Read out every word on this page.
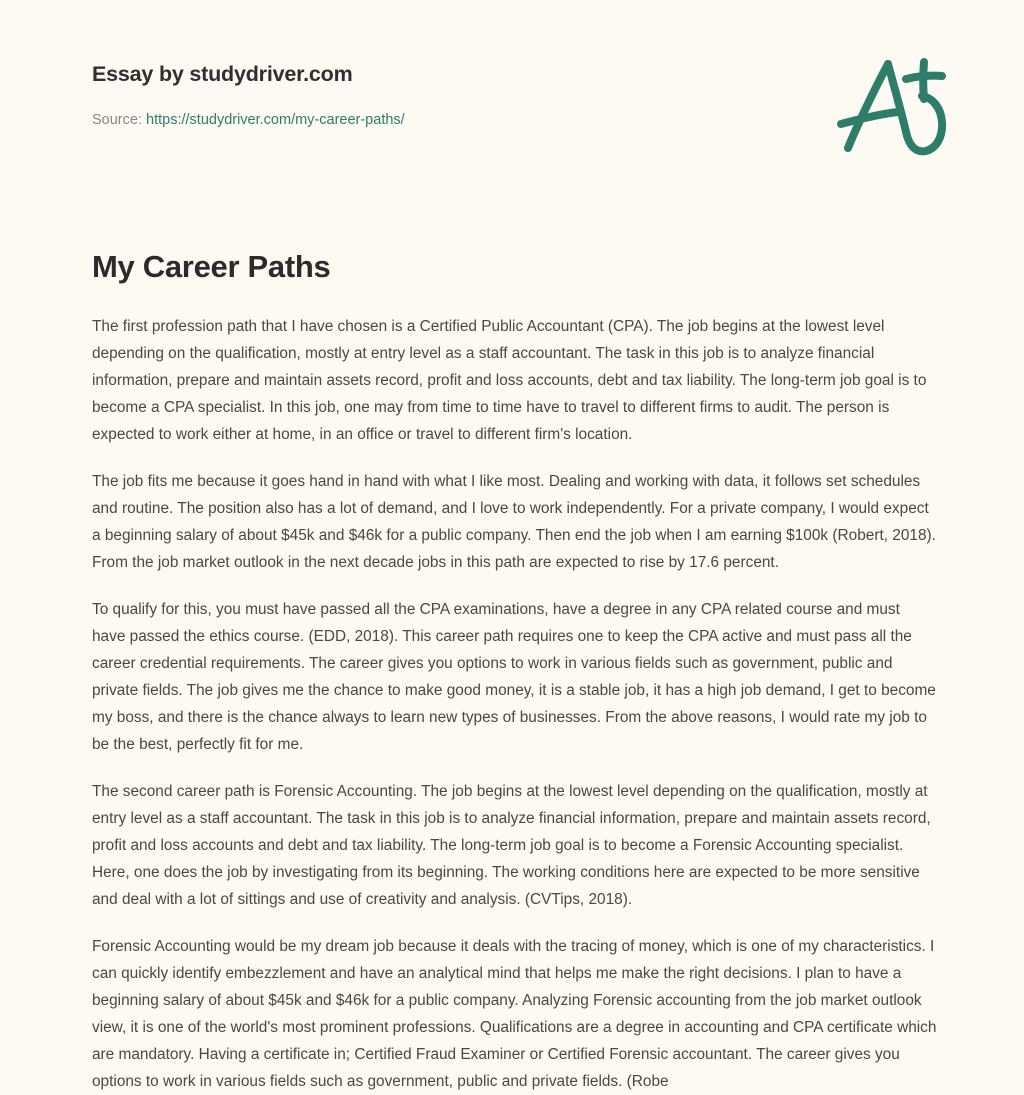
Essay by studydriver.com
Source: https://studydriver.com/my-career-paths/
My Career Paths

The first profession path that I have chosen is a Certified Public Accountant (CPA). The job begins at the lowest level depending on the qualification, mostly at entry level as a staff accountant. The task in this job is to analyze financial information, prepare and maintain assets record, profit and loss accounts, debt and tax liability. The long-term job goal is to become a CPA specialist. In this job, one may from time to time have to travel to different firms to audit. The person is expected to work either at home, in an office or travel to different firm's location.

The job fits me because it goes hand in hand with what I like most. Dealing and working with data, it follows set schedules and routine. The position also has a lot of demand, and I love to work independently. For a private company, I would expect a beginning salary of about $45k and $46k for a public company. Then end the job when I am earning $100k (Robert, 2018). From the job market outlook in the next decade jobs in this path are expected to rise by 17.6 percent.

To qualify for this, you must have passed all the CPA examinations, have a degree in any CPA related course and must have passed the ethics course. (EDD, 2018). This career path requires one to keep the CPA active and must pass all the career credential requirements. The career gives you options to work in various fields such as government, public and private fields. The job gives me the chance to make good money, it is a stable job, it has a high job demand, I get to become my boss, and there is the chance always to learn new types of businesses. From the above reasons, I would rate my job to be the best, perfectly fit for me.

The second career path is Forensic Accounting. The job begins at the lowest level depending on the qualification, mostly at entry level as a staff accountant. The task in this job is to analyze financial information, prepare and maintain assets record, profit and loss accounts and debt and tax liability. The long-term job goal is to become a Forensic Accounting specialist. Here, one does the job by investigating from its beginning. The working conditions here are expected to be more sensitive and deal with a lot of sittings and use of creativity and analysis. (CVTips, 2018).

Forensic Accounting would be my dream job because it deals with the tracing of money, which is one of my characteristics. I can quickly identify embezzlement and have an analytical mind that helps me make the right decisions. I plan to have a beginning salary of about $45k and $46k for a public company. Analyzing Forensic accounting from the job market outlook view, it is one of the world's most prominent professions. Qualifications are a degree in accounting and CPA certificate which are mandatory. Having a certificate in; Certified Fraud Examiner or Certified Forensic accountant. The career gives you options to work in various fields such as government, public and private fields. (Robe
